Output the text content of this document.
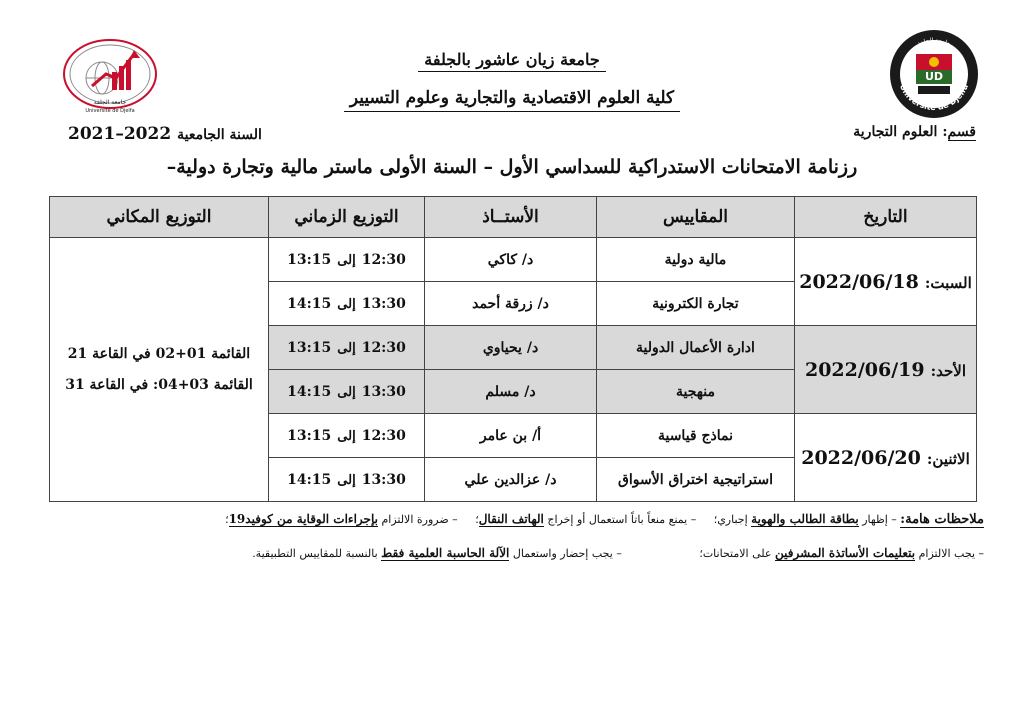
Université de Djelfa
جامعة الجلفة
UD
جامعة الجلفة
Université de Djelfa
جامعة زيان عاشور بالجلفة
كلية العلوم الاقتصادية والتجارية وعلوم التسيير
قسم: العلوم التجارية
السنة الجامعية2022–2021
رزنامة الامتحانات الاستدراكية للسداسي الأول – السنة الأولى ماستر مالية وتجارة دولية–
التاريخ	المقاييس	الأستــاذ	التوزيع الزماني	التوزيع المكاني
السبت:2022/06/18	مالية دولية	د/ كاكي	12:30إلى13:15	القائمة 01+02 في القاعة 21
القائمة 03+04: في القاعة 31

	تجارة الكترونية	د/ زرقة أحمد	13:30إلى14:15	
الأحد:2022/06/19	ادارة الأعمال الدولية	د/ يحياوي	12:30إلى13:15	
	منهجية	د/ مسلم	13:30إلى14:15	
الاثنين:2022/06/20	نماذج قياسية	أ/ بن عامر	12:30إلى13:15	
	استراتيجية اختراق الأسواق	د/ عزالدين علي	13:30إلى14:15	
ملاحظات هامة: – إظهار بطاقة الطالب والهوية إجباري؛ – يمنع منعاً باتاً استعمال أو إخراج الهاتف النقال؛ – ضرورة الالتزام بإجراءات الوقاية من كوفيد19؛
– يجب الالتزام بتعليمات الأساتذة المشرفين على الامتحانات؛ – يجب إحضار واستعمال الآلة الحاسبة العلمية فقط بالنسبة للمقاييس التطبيقية.
